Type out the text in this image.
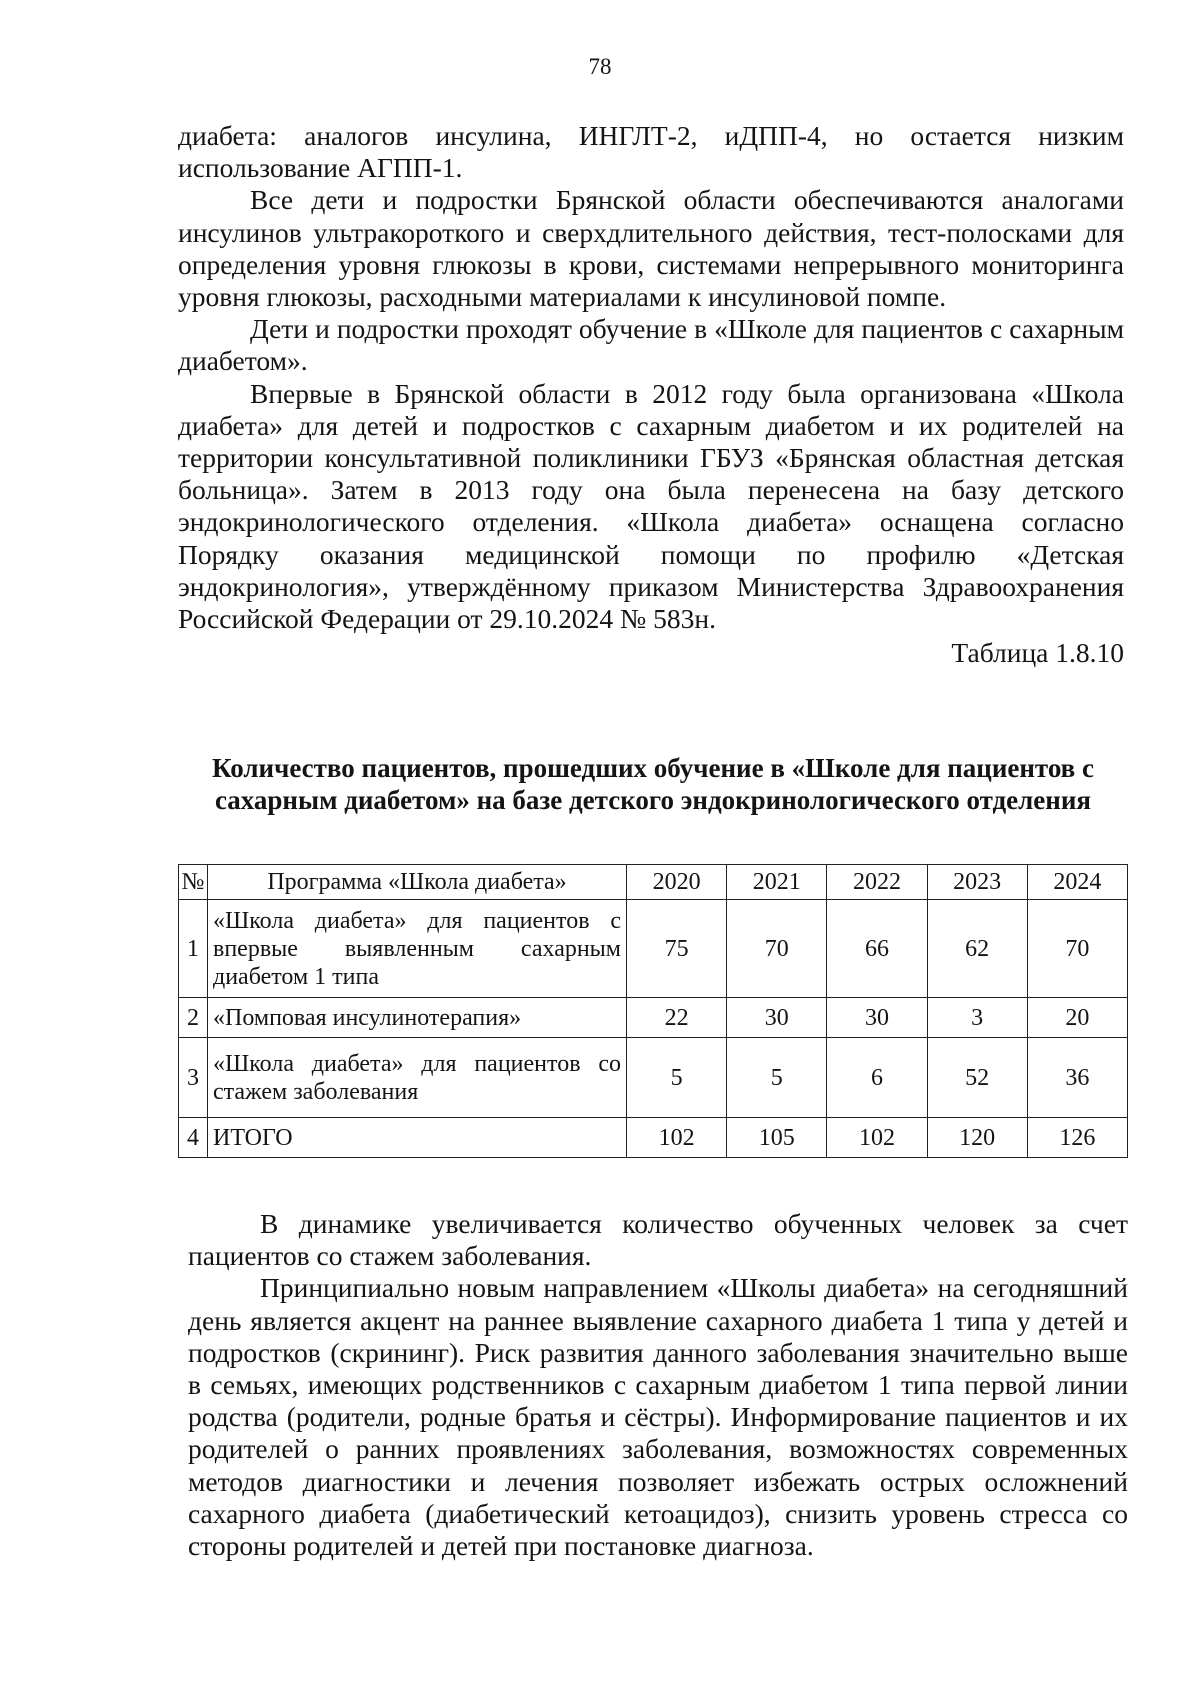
78

диабета: аналогов инсулина, ИНГЛТ-2, иДПП-4, но остается низким использование АГПП-1.

Все дети и подростки Брянской области обеспечиваются аналогами инсулинов ультракороткого и сверхдлительного действия, тест-полосками для определения уровня глюкозы в крови, системами непрерывного мониторинга уровня глюкозы, расходными материалами к инсулиновой помпе.

Дети и подростки проходят обучение в «Школе для пациентов с сахарным диабетом».

Впервые в Брянской области в 2012 году была организована «Школа диабета» для детей и подростков с сахарным диабетом и их родителей на территории консультативной поликлиники ГБУЗ «Брянская областная детская больница». Затем в 2013 году она была перенесена на базу детского эндокринологического отделения. «Школа диабета» оснащена согласно Порядку оказания медицинской помощи по профилю «Детская эндокринология», утверждённому приказом Министерства Здравоохранения Российской Федерации от 29.10.2024 № 583н.

Таблица 1.8.10

Количество пациентов, прошедших обучение в «Школе для пациентов с сахарным диабетом» на базе детского эндокринологического отделения

№	Программа «Школа диабета»	2020	2021	2022	2023	2024
1	«Школа диабета» для пациентов с впервые выявленным сахарным диабетом 1 типа	75	70	66	62	70
2	«Помповая инсулинотерапия»	22	30	30	3	20
3	«Школа диабета» для пациентов со стажем заболевания	5	5	6	52	36
4	ИТОГО	102	105	102	120	126

В динамике увеличивается количество обученных человек за счет пациентов со стажем заболевания.

Принципиально новым направлением «Школы диабета» на сегодняшний день является акцент на раннее выявление сахарного диабета 1 типа у детей и подростков (скрининг). Риск развития данного заболевания значительно выше в семьях, имеющих родственников с сахарным диабетом 1 типа первой линии родства (родители, родные братья и сёстры). Информирование пациентов и их родителей о ранних проявлениях заболевания, возможностях современных методов диагностики и лечения позволяет избежать острых осложнений сахарного диабета (диабетический кетоацидоз), снизить уровень стресса со стороны родителей и детей при постановке диагноза.
